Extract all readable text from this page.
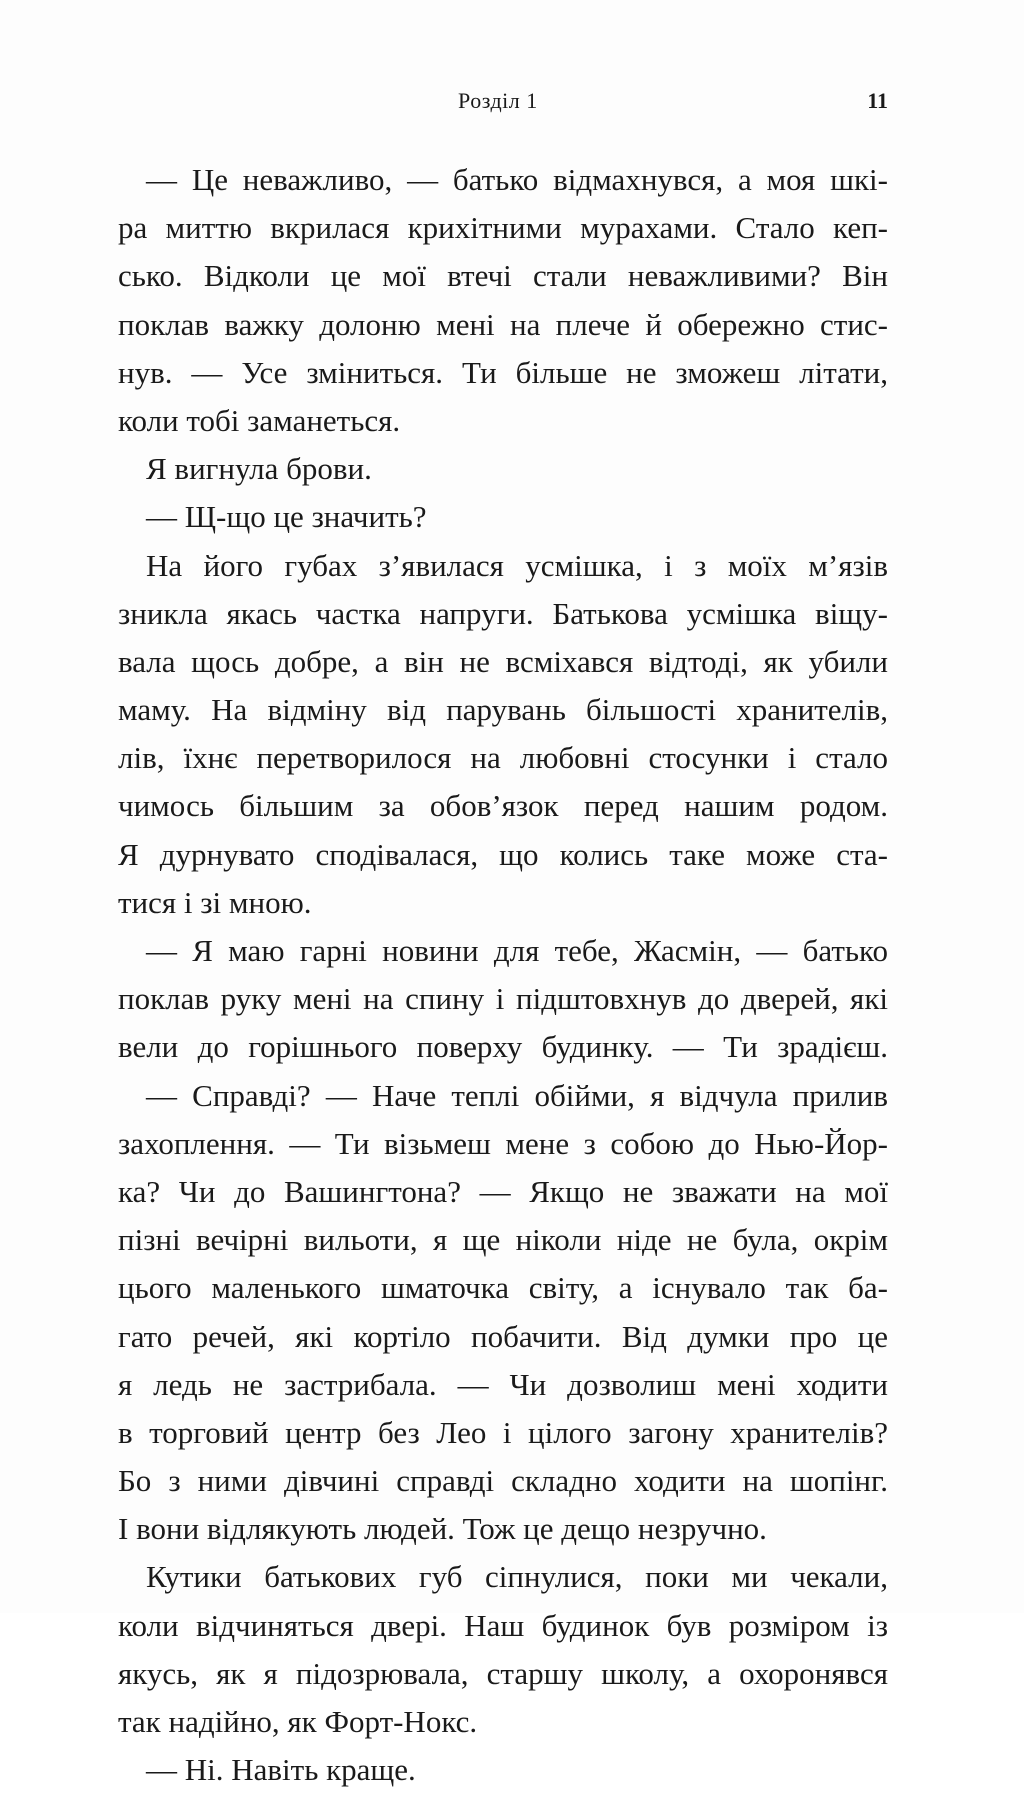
Розділ 1	11
— Це неважливо, — батько відмахнувся, а моя шкі-
ра миттю вкрилася крихітними мурахами. Стало кеп-
сько. Відколи це мої втечі стали неважливими? Він
поклав важку долоню мені на плече й обережно стис-
нув. — Усе зміниться. Ти більше не зможеш літати,
коли тобі заманеться.
Я вигнула брови.
— Щ-що це значить?
На його губах з’явилася усмішка, і з моїх м’язів
зникла якась частка напруги. Батькова усмішка віщу-
вала щось добре, а він не всміхався відтоді, як убили
маму. На відміну від парувань більшості хранителів,
лів, їхнє перетворилося на любовні стосунки і стало
чимось більшим за обов’язок перед нашим родом.
Я дурнувато сподівалася, що колись таке може ста-
тися і зі мною.
— Я маю гарні новини для тебе, Жасмін, — батько
поклав руку мені на спину і підштовхнув до дверей, які
вели до горішнього поверху будинку. — Ти зрадієш.
— Справді? — Наче теплі обійми, я відчула прилив
захоплення. — Ти візьмеш мене з собою до Нью-Йор-
ка? Чи до Вашингтона? — Якщо не зважати на мої
пізні вечірні вильоти, я ще ніколи ніде не була, окрім
цього маленького шматочка світу, а існувало так ба-
гато речей, які кортіло побачити. Від думки про це
я ледь не застрибала. — Чи дозволиш мені ходити
в торговий центр без Лео і цілого загону хранителів?
Бо з ними дівчині справді складно ходити на шопінг.
І вони відлякують людей. Тож це дещо незручно.
Кутики батькових губ сіпнулися, поки ми чекали,
коли відчиняться двері. Наш будинок був розміром із
якусь, як я підозрювала, старшу школу, а охоронявся
так надійно, як Форт-Нокс.
— Ні. Навіть краще.
